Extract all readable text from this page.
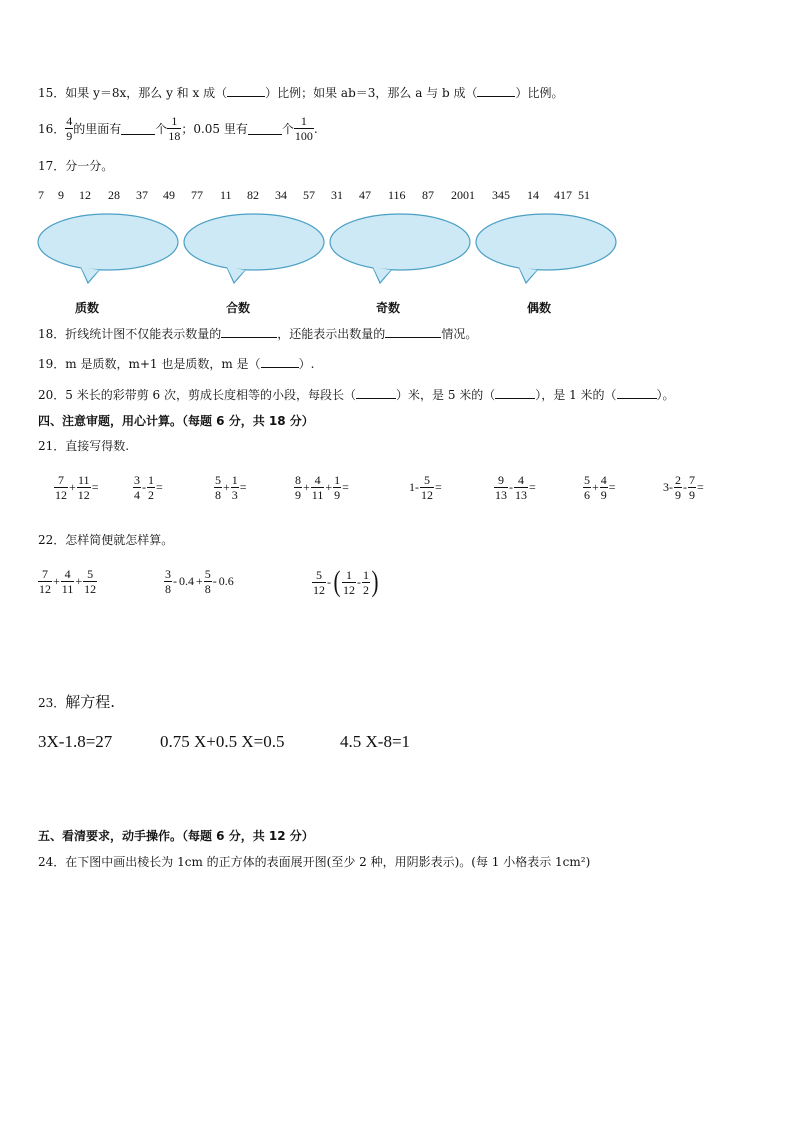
15．如果 y＝8x，那么 y 和 x 成（	）比例；如果 ab＝3，那么 a 与 b 成（	）比例。
16． $\frac{4}{9}$ 的里面有	个 $\frac{1}{18}$ ；0.05 里有	个 $\frac{1}{100}$ .
17．分一分。
7 9 12 28 37 49 77 11 82 34 57 31 47 116 87 2001 345 14 417 51
质数	合数	奇数	偶数
18．折线统计图不仅能表示数量的	，还能表示出数量的	情况。
19．m 是质数，m+1 也是质数，m 是（	）.
20．5 米长的彩带剪 6 次，剪成长度相等的小段，每段长（	）米，是 5 米的（	），是 1 米的（	）。
四、注意审题，用心计算。（每题 6 分，共 18 分）
21．直接写得数.
$\frac{7}{12} + \frac{11}{12}$ =	$\frac{3}{4} - \frac{1}{2}$ =	$\frac{5}{8} + \frac{1}{3}$ =	$\frac{8}{9} + \frac{4}{11} + \frac{1}{9}$ =	$1- \frac{5}{12}$ =	$\frac{9}{13} - \frac{4}{13}$ =	$\frac{5}{6} + \frac{4}{9}$ =	$3- \frac{2}{9} - \frac{7}{9}$ =
22．怎样简便就怎样算。
$\frac{7}{12} + \frac{4}{11} + \frac{5}{12}$	$\frac{3}{8} - 0.4 + \frac{5}{8} - 0.6$	$\frac{5}{12}$ - ( $\frac{1}{12} - \frac{1}{2}$ )
23．解方程.
3X-1.8=27	0.75 X+0.5 X=0.5	4.5 X-8=1
五、看清要求，动手操作。（每题 6 分，共 12 分）
24．在下图中画出棱长为 1cm 的正方体的表面展开图(至少 2 种，用阴影表示)。(每 1 小格表示 1cm²)
